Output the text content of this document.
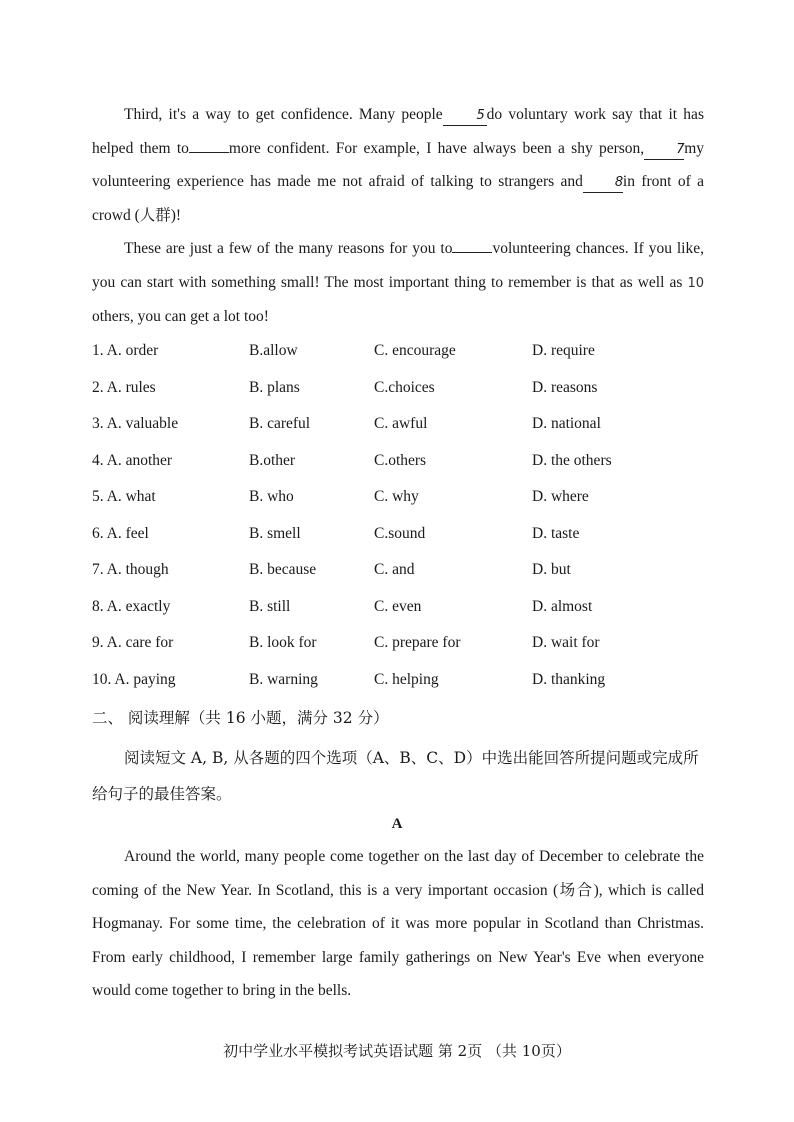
Third, it's a way to get confidence. Many people	5 do voluntary work say that it has helped them to	more confident. For example, I have always been a shy person, 7my volunteering experience has made me not afraid of talking to strangers and 8in front of a crowd (人群)!

These are just a few of the many reasons for you to	volunteering chances. If you like, you can start with something small! The most important thing to remember is that as well as 10 others, you can get a lot too!

1. A. order	B.allow	C. encourage	D. require
2. A. rules	B. plans	C.choices	D. reasons
3. A. valuable	B. careful	C. awful	D. national
4. A. another	B.other	C.others	D. the others
5. A. what	B. who	C. why	D. where
6. A. feel	B. smell	C.sound	D. taste
7. A. though	B. because	C. and	D. but
8. A. exactly	B. still	C. even	D. almost
9. A. care for	B. look for	C. prepare for	D. wait for
10. A. paying	B. warning	C. helping	D. thanking
二、 阅读理解（共 16 小题，满分 32 分）
阅读短文 A, B, 从各题的四个选项（A、B、C、D）中选出能回答所提问题或完成所给句子的最佳答案。
A

Around the world, many people come together on the last day of December to celebrate the coming of the New Year. In Scotland, this is a very important occasion (场合), which is called Hogmanay. For some time, the celebration of it was more popular in Scotland than Christmas. From early childhood, I remember large family gatherings on New Year's Eve when everyone would come together to bring in the bells.

初中学业水平模拟考试英语试题 第 2页 （共 10页）
